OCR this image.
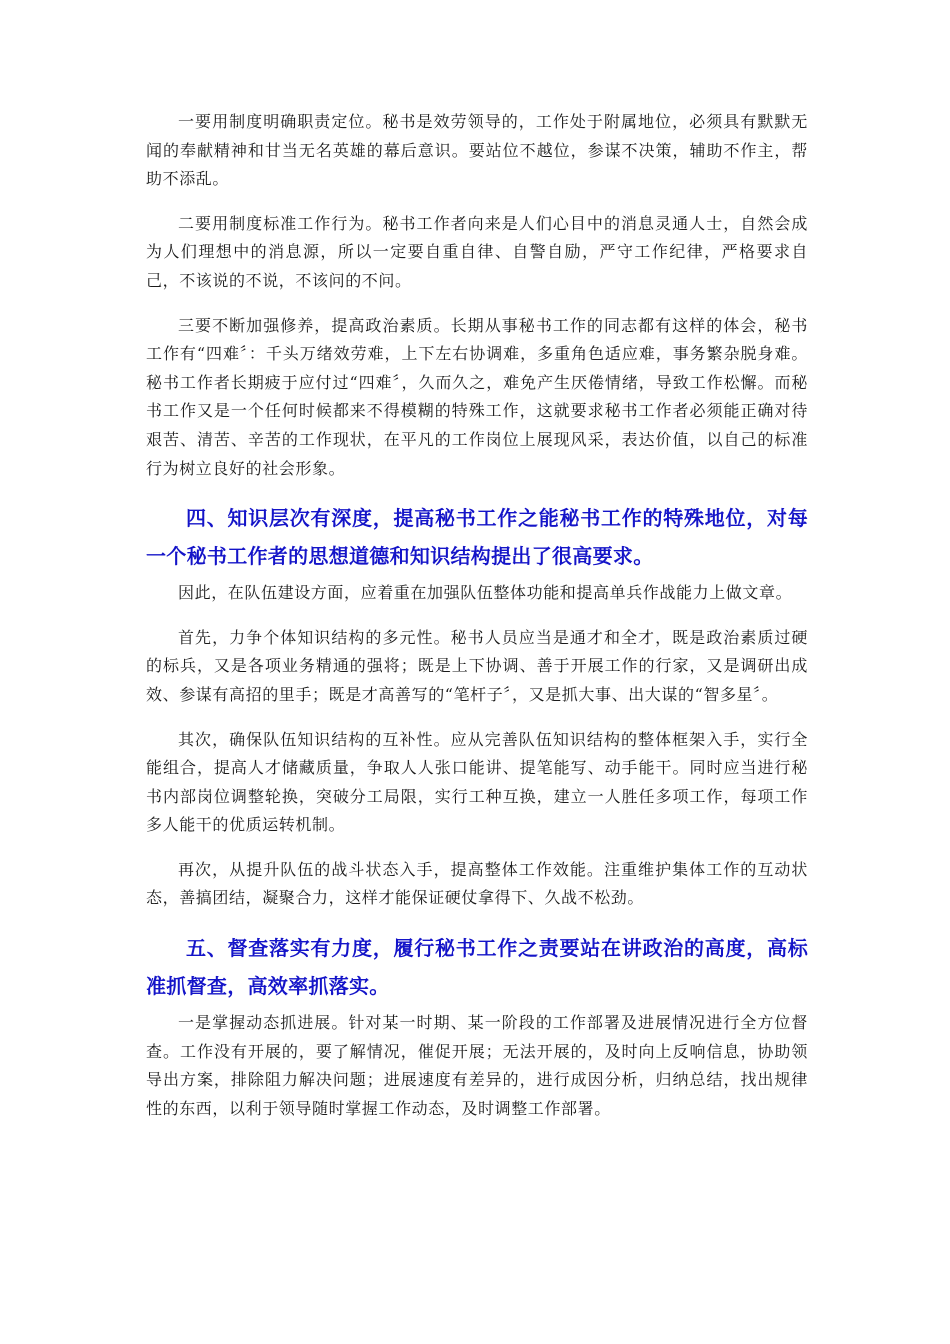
一要用制度明确职责定位。秘书是效劳领导的，工作处于附属地位，必须具有默默无闻的奉献精神和甘当无名英雄的幕后意识。要站位不越位，参谋不决策，辅助不作主，帮助不添乱。

二要用制度标准工作行为。秘书工作者向来是人们心目中的消息灵通人士，自然会成为人们理想中的消息源，所以一定要自重自律、自警自励，严守工作纪律，严格要求自己，不该说的不说，不该问的不问。

三要不断加强修养，提高政治素质。长期从事秘书工作的同志都有这样的体会，秘书工作有“四难〞：千头万绪效劳难，上下左右协调难，多重角色适应难，事务繁杂脱身难。秘书工作者长期疲于应付过“四难〞，久而久之，难免产生厌倦情绪，导致工作松懈。而秘书工作又是一个任何时候都来不得模糊的特殊工作，这就要求秘书工作者必须能正确对待艰苦、清苦、辛苦的工作现状，在平凡的工作岗位上展现风采，表达价值，以自己的标准行为树立良好的社会形象。

四、知识层次有深度，提高秘书工作之能秘书工作的特殊地位，对每一个秘书工作者的思想道德和知识结构提出了很高要求。

因此，在队伍建设方面，应着重在加强队伍整体功能和提高单兵作战能力上做文章。

首先，力争个体知识结构的多元性。秘书人员应当是通才和全才，既是政治素质过硬的标兵，又是各项业务精通的强将；既是上下协调、善于开展工作的行家，又是调研出成效、参谋有高招的里手；既是才高善写的“笔杆子〞，又是抓大事、出大谋的“智多星〞。

其次，确保队伍知识结构的互补性。应从完善队伍知识结构的整体框架入手，实行全能组合，提高人才储藏质量，争取人人张口能讲、提笔能写、动手能干。同时应当进行秘书内部岗位调整轮换，突破分工局限，实行工种互换，建立一人胜任多项工作，每项工作多人能干的优质运转机制。

再次，从提升队伍的战斗状态入手，提高整体工作效能。注重维护集体工作的互动状态，善搞团结，凝聚合力，这样才能保证硬仗拿得下、久战不松劲。

五、督查落实有力度，履行秘书工作之责要站在讲政治的高度，高标准抓督查，高效率抓落实。

一是掌握动态抓进展。针对某一时期、某一阶段的工作部署及进展情况进行全方位督查。工作没有开展的，要了解情况，催促开展；无法开展的，及时向上反响信息，协助领导出方案，排除阻力解决问题；进展速度有差异的，进行成因分析，归纳总结，找出规律性的东西，以利于领导随时掌握工作动态，及时调整工作部署。
